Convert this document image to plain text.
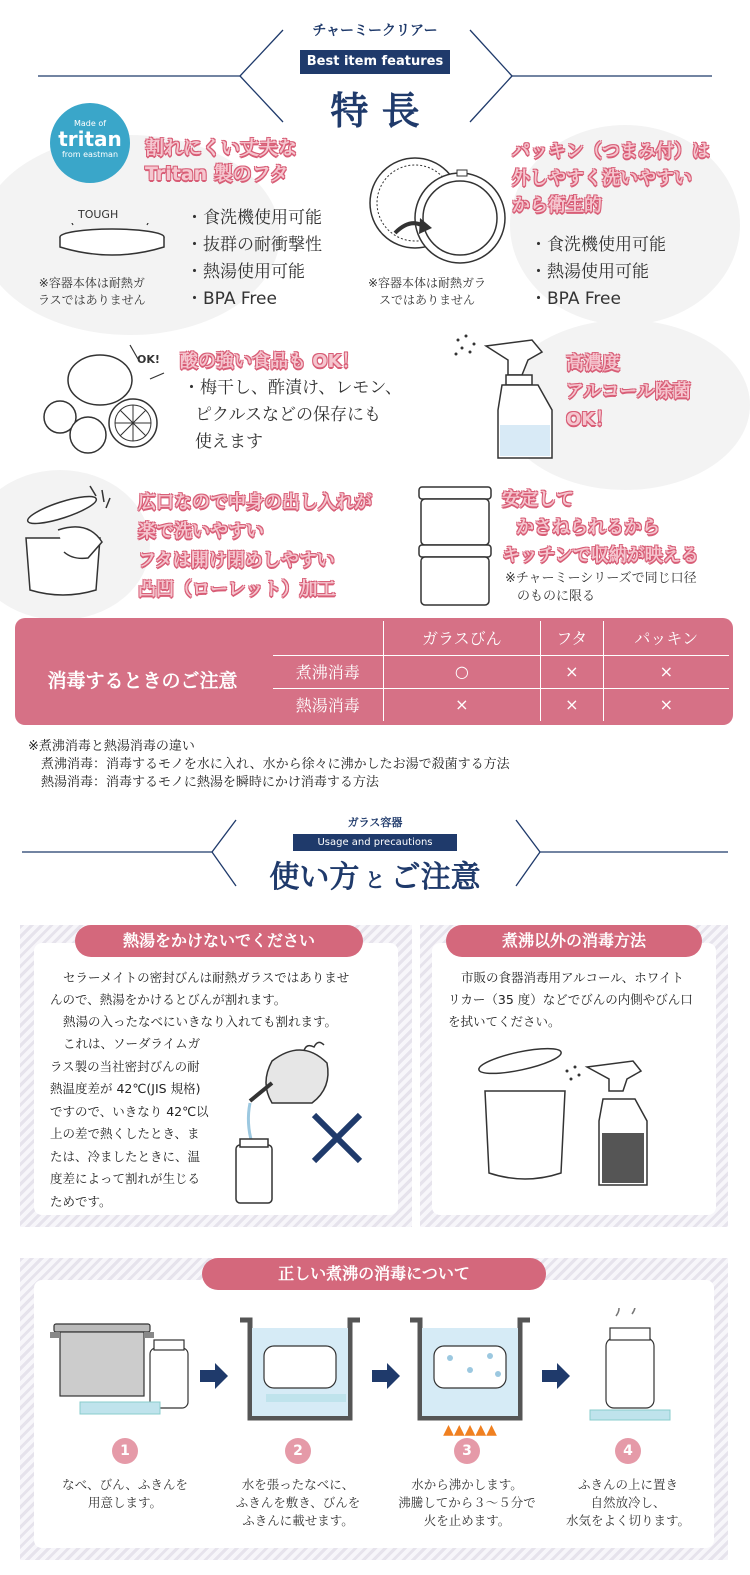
チャーミークリアー
Best item features
特 長
Made of
tritan
from eastman	割れにくい丈夫な
Tritan 製のフタ
TOUGH	・食洗機使用可能
・抜群の耐衝撃性
・熱湯使用可能
・BPA Free
※容器本体は耐熱ガ
ラスではありません
パッキン（つまみ付）は
外しやすく洗いやすい
から衛生的
・食洗機使用可能
・熱湯使用可能
・BPA Free
※容器本体は耐熱ガラ
スではありません
OK! 酸の強い食品も OK！
・梅干し、酢漬け、レモン、
ピクルスなどの保存にも
使えます
高濃度
アルコール除菌
OK！
広口なので中身の出し入れが
楽で洗いやすい
フタは開け閉めしやすい
凸凹（ローレット）加工
安定して
かさねられるから
キッチンで収納が映える
※チャーミーシリーズで同じ口径
のものに限る
消毒するときのご注意
	ガラスびん	フタ	パッキン
煮沸消毒	○	×	×
熱湯消毒	×	×	×
※煮沸消毒と熱湯消毒の違い
煮沸消毒：消毒するモノを水に入れ、水から徐々に沸かしたお湯で殺菌する方法
熱湯消毒：消毒するモノに熱湯を瞬時にかけ消毒する方法
ガラス容器
Usage and precautions
使い方 と ご注意
熱湯をかけないでください
セラーメイトの密封びんは耐熱ガラスではありませ
んので、熱湯をかけるとびんが割れます。
熱湯の入ったなべにいきなり入れても割れます。
これは、ソーダライムガ
ラス製の当社密封びんの耐
熱温度差が 42℃(JIS 規格)
ですので、いきなり 42℃以
上の差で熱くしたとき、ま
たは、冷ましたときに、温
度差によって割れが生じる
ためです。
煮沸以外の消毒方法
市販の食器消毒用アルコール、ホワイト
リカー（35 度）などでびんの内側やびん口
を拭いてください。
正しい煮沸の消毒について
▲▲▲▲▲
1
なべ、びん、ふきんを
用意します。
2
水を張ったなべに、
ふきんを敷き、びんを
ふきんに載せます。
3
水から沸かします。
沸騰してから３～５分で
火を止めます。
4
ふきんの上に置き
自然放冷し、
水気をよく切ります。
